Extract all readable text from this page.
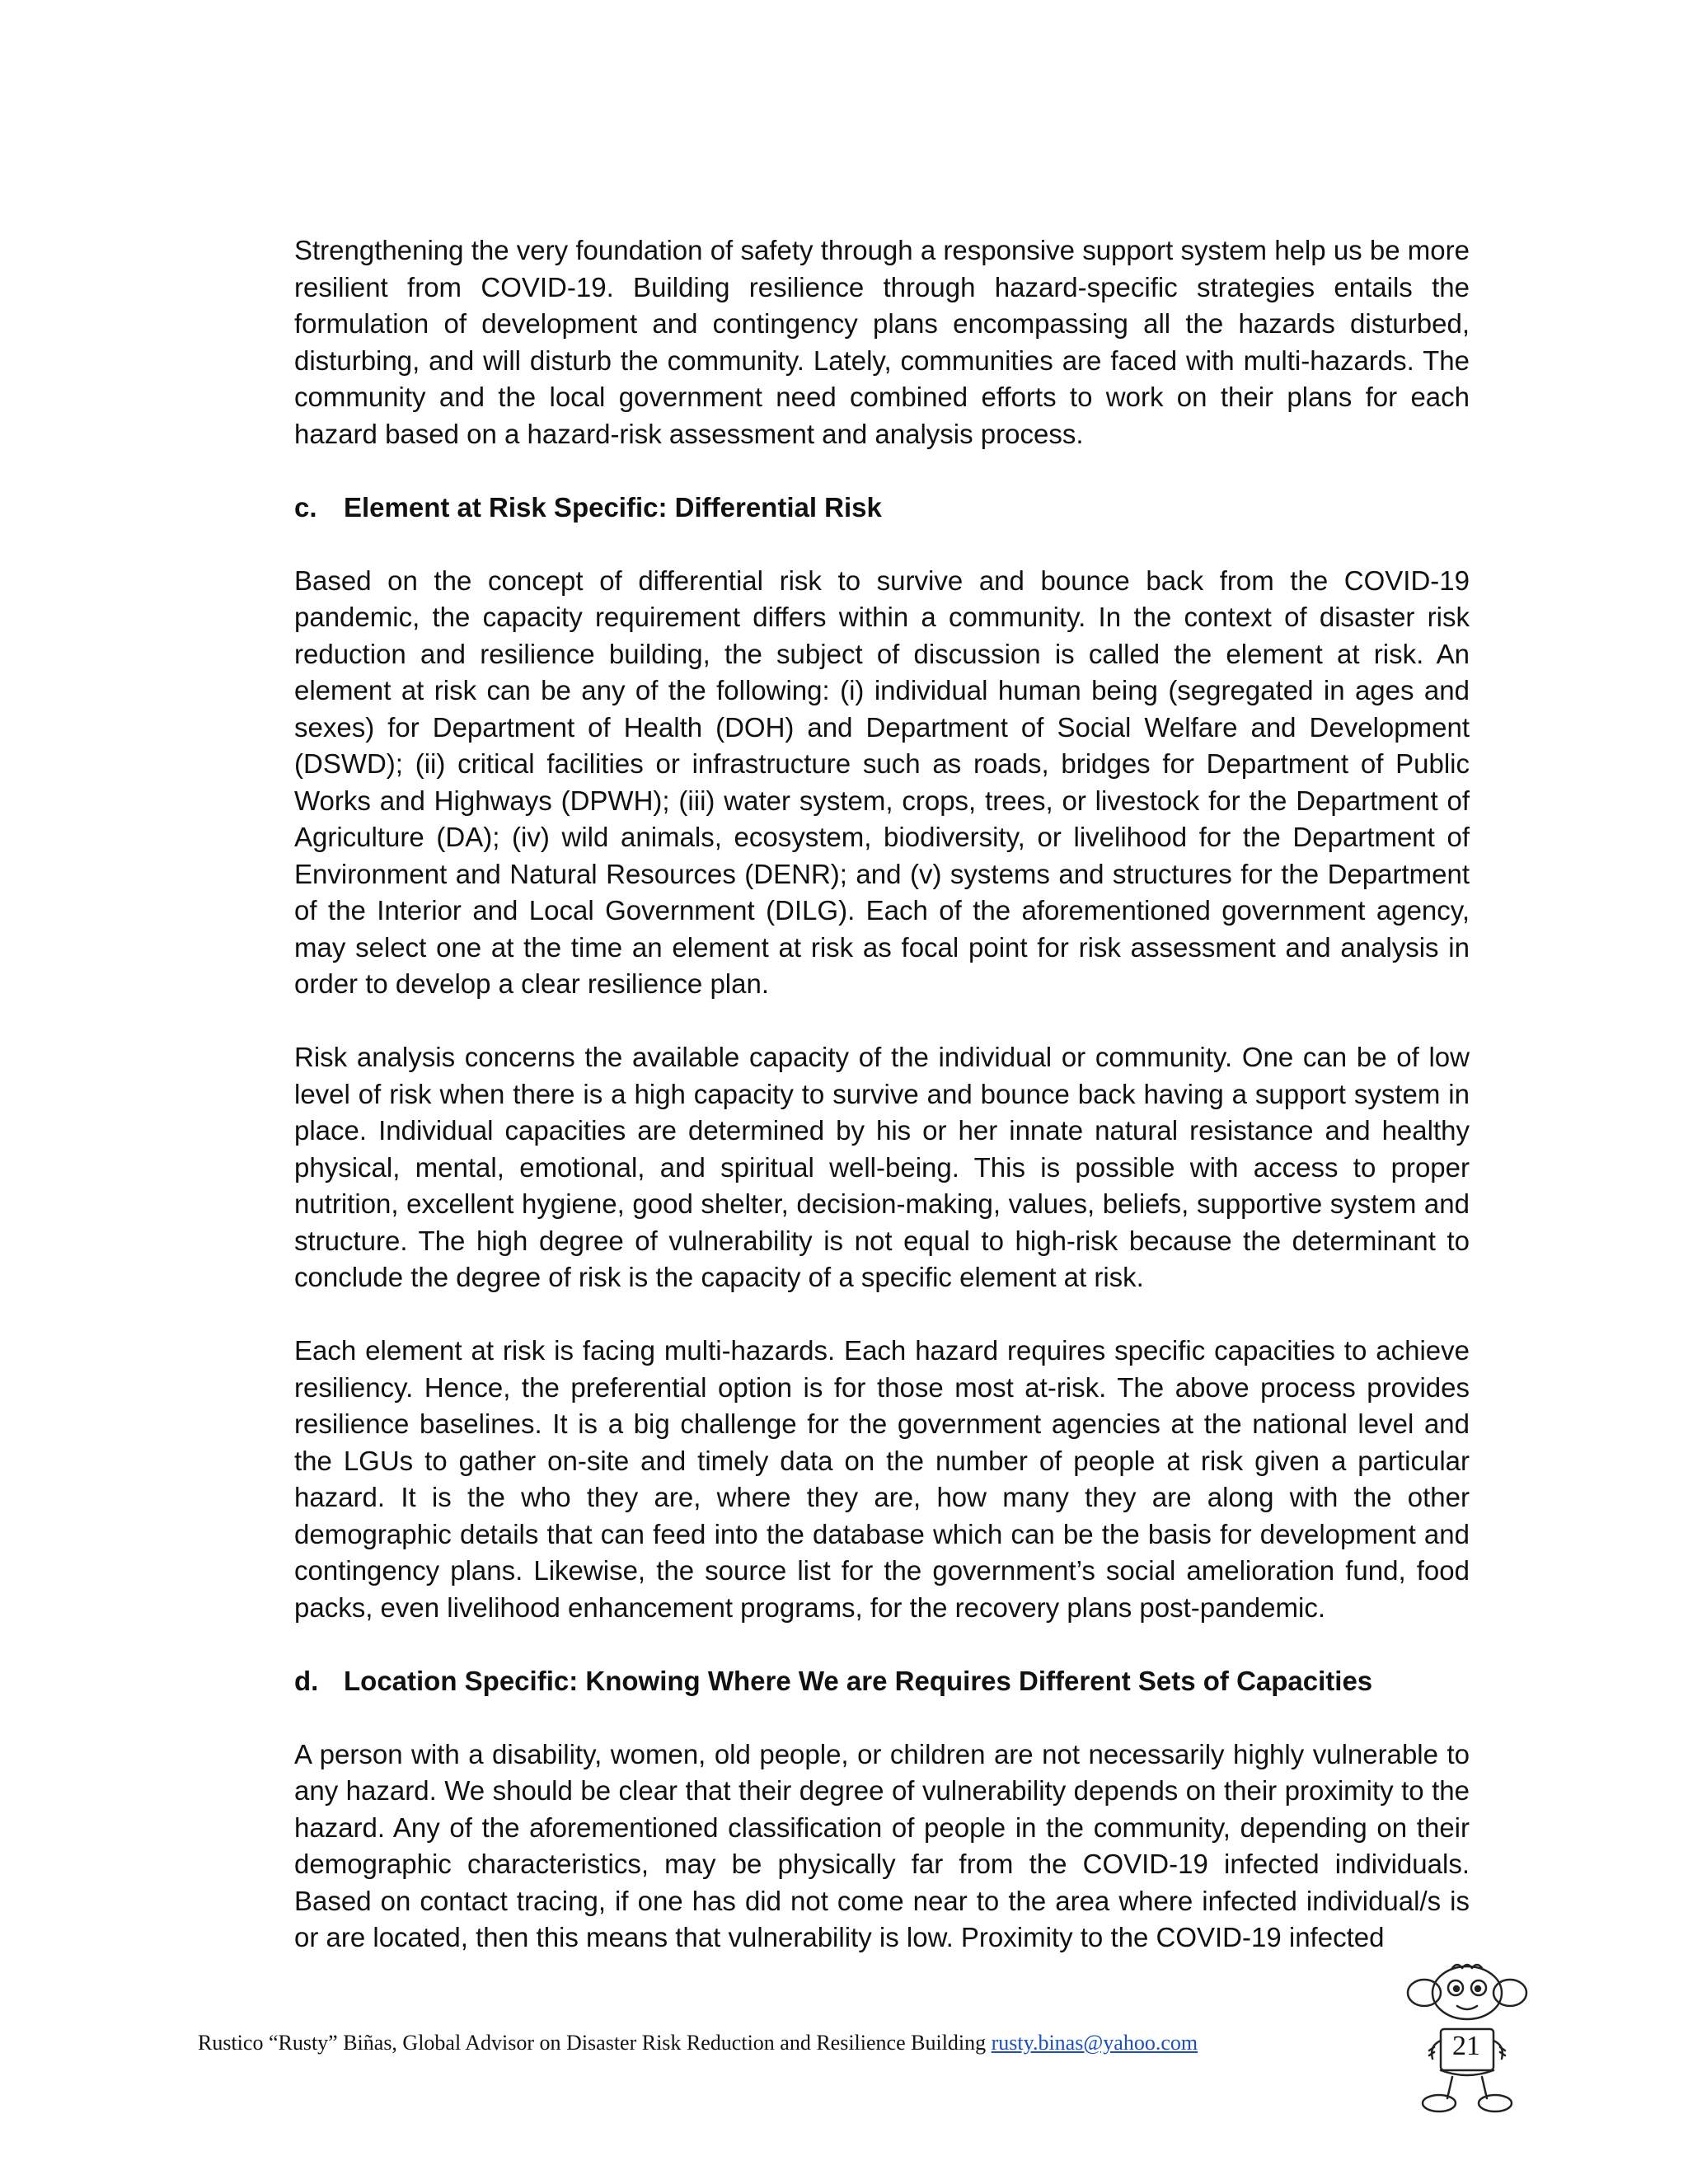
Strengthening the very foundation of safety through a responsive support system help us be more resilient from COVID-19. Building resilience through hazard-specific strategies entails the formulation of development and contingency plans encompassing all the hazards disturbed, disturbing, and will disturb the community. Lately, communities are faced with multi-hazards. The community and the local government need combined efforts to work on their plans for each hazard based on a hazard-risk assessment and analysis process.

c. Element at Risk Specific: Differential Risk

Based on the concept of differential risk to survive and bounce back from the COVID-19 pandemic, the capacity requirement differs within a community. In the context of disaster risk reduction and resilience building, the subject of discussion is called the element at risk. An element at risk can be any of the following: (i) individual human being (segregated in ages and sexes) for Department of Health (DOH) and Department of Social Welfare and Development (DSWD); (ii) critical facilities or infrastructure such as roads, bridges for Department of Public Works and Highways (DPWH); (iii) water system, crops, trees, or livestock for the Department of Agriculture (DA); (iv) wild animals, ecosystem, biodiversity, or livelihood for the Department of Environment and Natural Resources (DENR); and (v) systems and structures for the Department of the Interior and Local Government (DILG). Each of the aforementioned government agency, may select one at the time an element at risk as focal point for risk assessment and analysis in order to develop a clear resilience plan.

Risk analysis concerns the available capacity of the individual or community. One can be of low level of risk when there is a high capacity to survive and bounce back having a support system in place. Individual capacities are determined by his or her innate natural resistance and healthy physical, mental, emotional, and spiritual well-being. This is possible with access to proper nutrition, excellent hygiene, good shelter, decision-making, values, beliefs, supportive system and structure. The high degree of vulnerability is not equal to high-risk because the determinant to conclude the degree of risk is the capacity of a specific element at risk.

Each element at risk is facing multi-hazards. Each hazard requires specific capacities to achieve resiliency. Hence, the preferential option is for those most at-risk. The above process provides resilience baselines. It is a big challenge for the government agencies at the national level and the LGUs to gather on-site and timely data on the number of people at risk given a particular hazard. It is the who they are, where they are, how many they are along with the other demographic details that can feed into the database which can be the basis for development and contingency plans. Likewise, the source list for the government’s social amelioration fund, food packs, even livelihood enhancement programs, for the recovery plans post-pandemic.

d. Location Specific: Knowing Where We are Requires Different Sets of Capacities

A person with a disability, women, old people, or children are not necessarily highly vulnerable to any hazard. We should be clear that their degree of vulnerability depends on their proximity to the hazard. Any of the aforementioned classification of people in the community, depending on their demographic characteristics, may be physically far from the COVID-19 infected individuals. Based on contact tracing, if one has did not come near to the area where infected individual/s is or are located, then this means that vulnerability is low. Proximity to the COVID-19 infected

Rustico “Rusty” Biñas, Global Advisor on Disaster Risk Reduction and Resilience Building rusty.binas@yahoo.com	21
